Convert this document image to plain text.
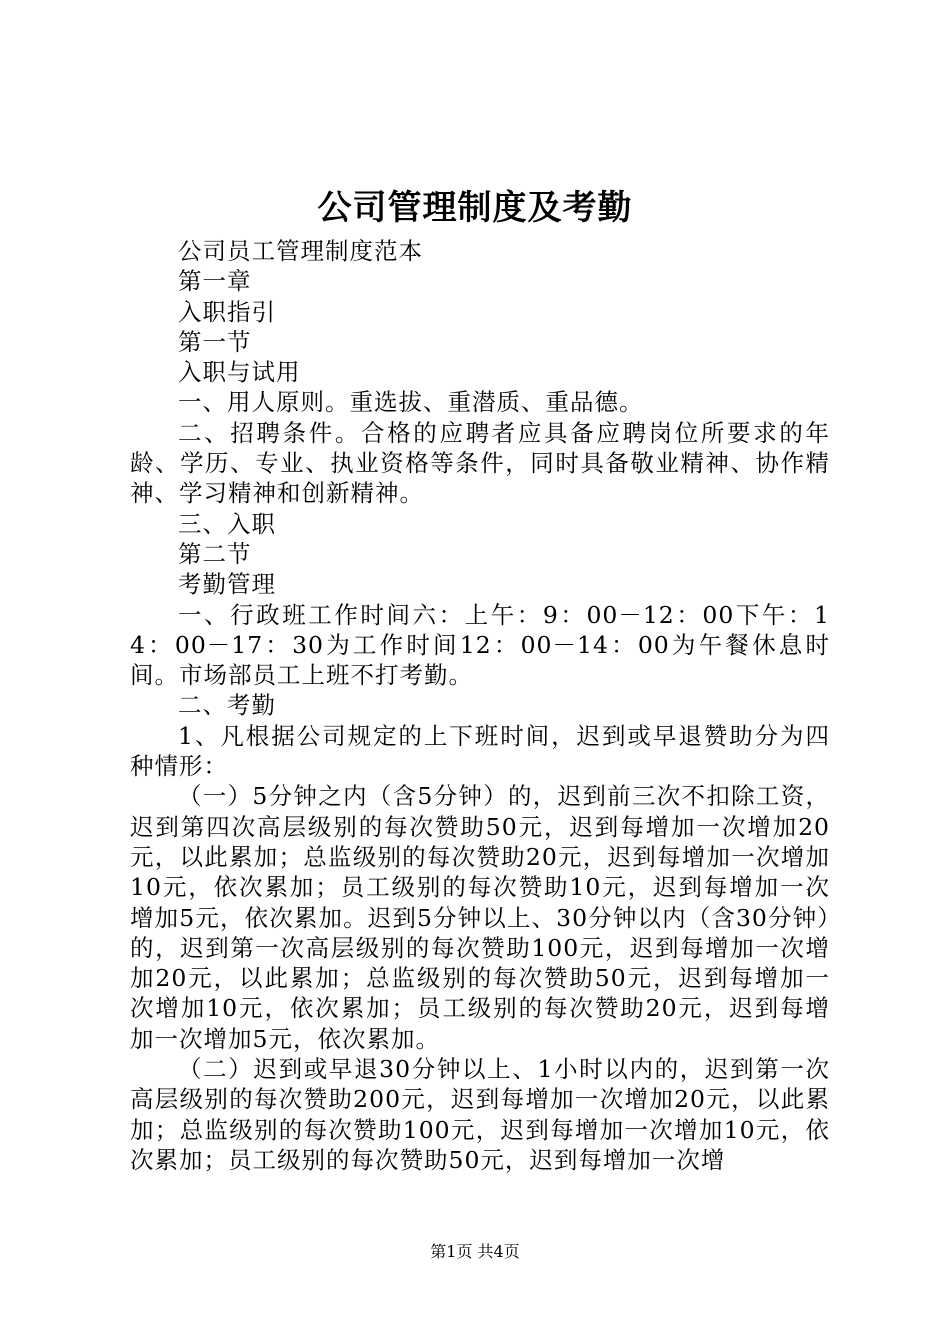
公司管理制度及考勤

公司员工管理制度范本

第一章

入职指引

第一节

入职与试用

一、用人原则。重选拔、重潜质、重品德。

二、招聘条件。合格的应聘者应具备应聘岗位所要求的年龄、学历、专业、执业资格等条件，同时具备敬业精神、协作精神、学习精神和创新精神。

三、入职

第二节

考勤管理

一、行政班工作时间六：上午：9：00－12：00下午：14：00－17：30为工作时间12：00－14：00为午餐休息时间。市场部员工上班不打考勤。

二、考勤

1、凡根据公司规定的上下班时间，迟到或早退赞助分为四种情形：

（一）5分钟之内（含5分钟）的，迟到前三次不扣除工资，迟到第四次高层级别的每次赞助50元，迟到每增加一次增加20元，以此累加；总监级别的每次赞助20元，迟到每增加一次增加10元，依次累加；员工级别的每次赞助10元，迟到每增加一次增加5元，依次累加。迟到5分钟以上、30分钟以内（含30分钟）的，迟到第一次高层级别的每次赞助100元，迟到每增加一次增加20元，以此累加；总监级别的每次赞助50元，迟到每增加一次增加10元，依次累加；员工级别的每次赞助20元，迟到每增加一次增加5元，依次累加。

（二）迟到或早退30分钟以上、1小时以内的，迟到第一次高层级别的每次赞助200元，迟到每增加一次增加20元，以此累加；总监级别的每次赞助100元，迟到每增加一次增加10元，依次累加；员工级别的每次赞助50元，迟到每增加一次增

第1页 共4页
